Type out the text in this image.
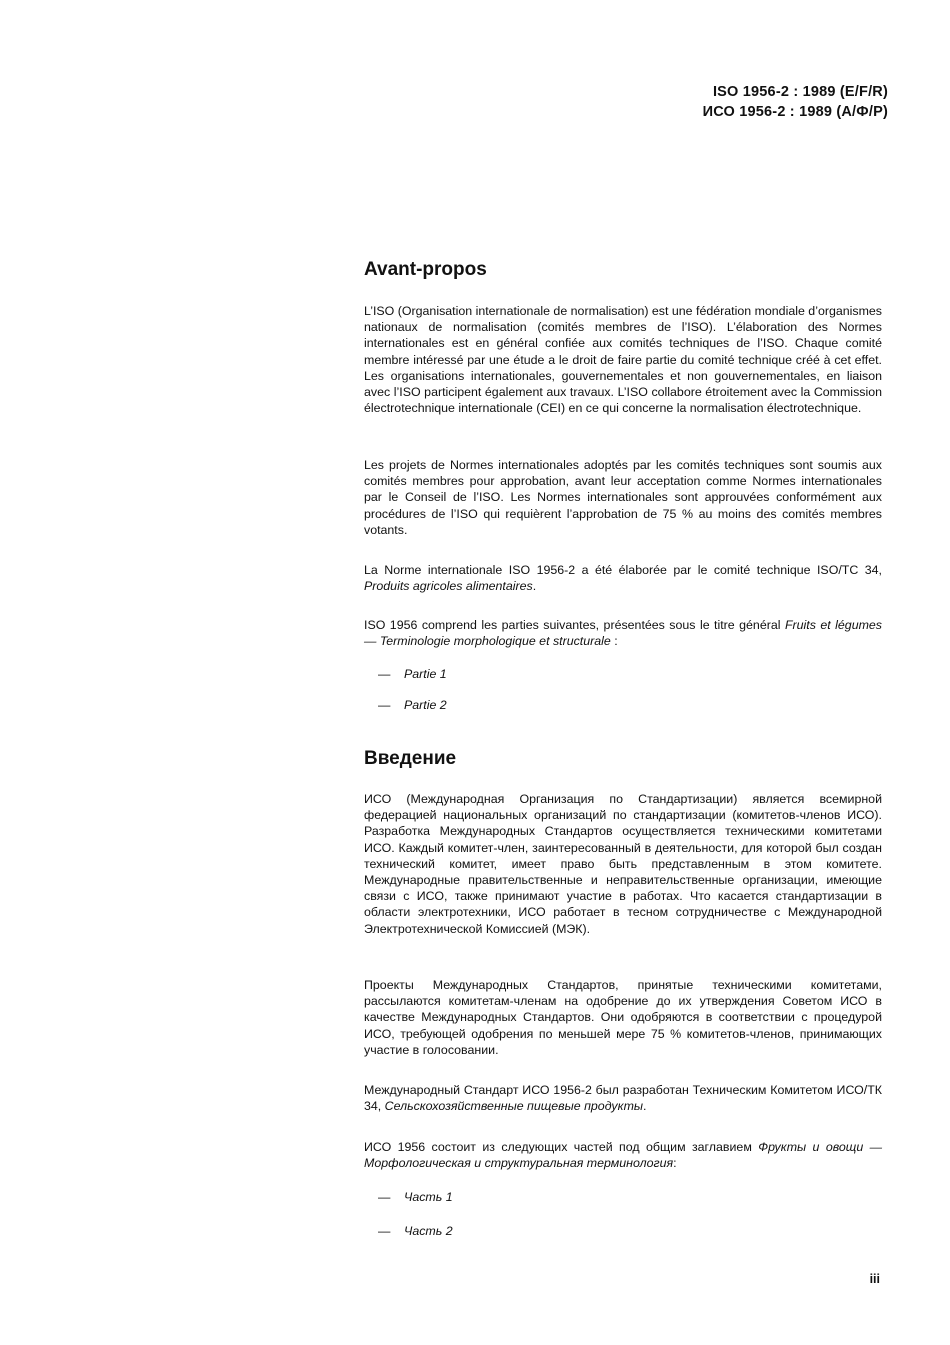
ISO 1956-2 : 1989 (E/F/R)
ИСО 1956-2 : 1989 (А/Ф/Р)
Avant-propos

L’ISO (Organisation internationale de normalisation) est une fédération mondiale d’organismes nationaux de normalisation (comités membres de l’ISO). L’élaboration des Normes internationales est en général confiée aux comités techniques de l’ISO. Chaque comité membre intéressé par une étude a le droit de faire partie du comité technique créé à cet effet. Les organisations internationales, gouvernementales et non gouvernementales, en liaison avec l’ISO participent également aux travaux. L’ISO collabore étroitement avec la Commission électrotechnique internationale (CEI) en ce qui concerne la normalisation électrotechnique.

Les projets de Normes internationales adoptés par les comités techniques sont soumis aux comités membres pour approbation, avant leur acceptation comme Normes internationales par le Conseil de l’ISO. Les Normes internationales sont approuvées conformément aux procédures de l’ISO qui requièrent l’approbation de 75 % au moins des comités membres votants.

La Norme internationale ISO 1956-2 a été élaborée par le comité technique ISO/TC 34, Produits agricoles alimentaires.

ISO 1956 comprend les parties suivantes, présentées sous le titre général Fruits et légumes — Terminologie morphologique et structurale :

— Partie 1
— Partie 2
Введение

ИСО (Международная Организация по Стандартизации) является всемирной федерацией национальных организаций по стандартизации (комитетов-членов ИСО). Разработка Международных Стандартов осуществляется техническими комитетами ИСО. Каждый комитет-член, заинтересованный в деятельности, для которой был создан технический комитет, имеет право быть представленным в этом комитете. Международные правительственные и неправительственные организации, имеющие связи с ИСО, также принимают участие в работах. Что касается стандартизации в области электротехники, ИСО работает в тесном сотрудничестве с Международной Электротехнической Комиссией (МЭК).

Проекты Международных Стандартов, принятые техническими комитетами, рассылаются комитетам-членам на одобрение до их утверждения Советом ИСО в качестве Международных Стандартов. Они одобряются в соответствии с процедурой ИСО, требующей одобрения по меньшей мере 75 % комитетов-членов, принимающих участие в голосовании.

Международный Стандарт ИСО 1956-2 был разработан Техническим Комитетом ИСО/ТК 34, Сельскохозяйственные пищевые продукты.

ИСО 1956 состоит из следующих частей под общим заглавием Фрукты и овощи — Морфологическая и структуральная терминология:

— Часть 1
— Часть 2
iii
